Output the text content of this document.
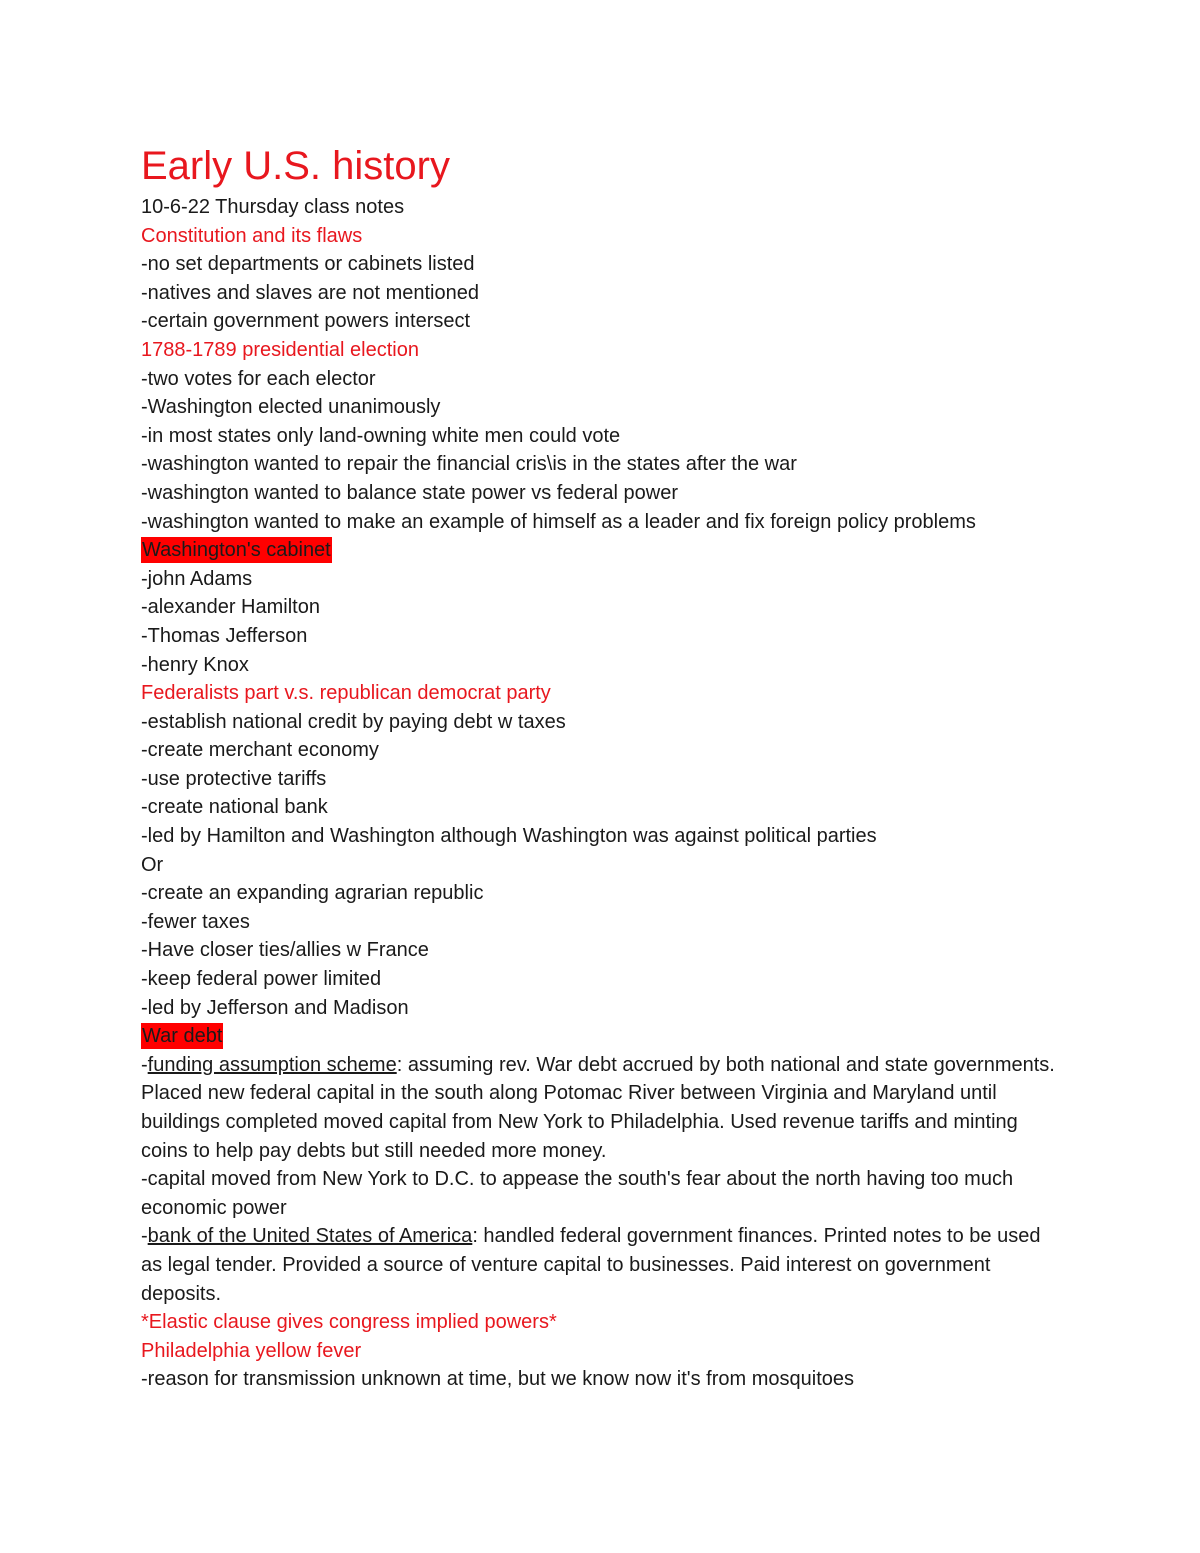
Early U.S. history

10-6-22 Thursday class notes

Constitution and its flaws

-no set departments or cabinets listed

-natives and slaves are not mentioned

-certain government powers intersect

1788-1789 presidential election

-two votes for each elector

-Washington elected unanimously

-in most states only land-owning white men could vote

-washington wanted to repair the financial cris\is in the states after the war

-washington wanted to balance state power vs federal power

-washington wanted to make an example of himself as a leader and fix foreign policy problems

Washington's cabinet

-john Adams

-alexander Hamilton

-Thomas Jefferson

-henry Knox

Federalists part v.s. republican democrat party

-establish national credit by paying debt w taxes

-create merchant economy

-use protective tariffs

-create national bank

-led by Hamilton and Washington although Washington was against political parties

Or

-create an expanding agrarian republic

-fewer taxes

-Have closer ties/allies w France

-keep federal power limited

-led by Jefferson and Madison

War debt

-funding assumption scheme: assuming rev. War debt accrued by both national and state governments. Placed new federal capital in the south along Potomac River between Virginia and Maryland until buildings completed moved capital from New York to Philadelphia. Used revenue tariffs and minting coins to help pay debts but still needed more money.

-capital moved from New York to D.C. to appease the south's fear about the north having too much economic power

-bank of the United States of America: handled federal government finances. Printed notes to be used as legal tender. Provided a source of venture capital to businesses. Paid interest on government deposits.

*Elastic clause gives congress implied powers*

Philadelphia yellow fever

-reason for transmission unknown at time, but we know now it's from mosquitoes
